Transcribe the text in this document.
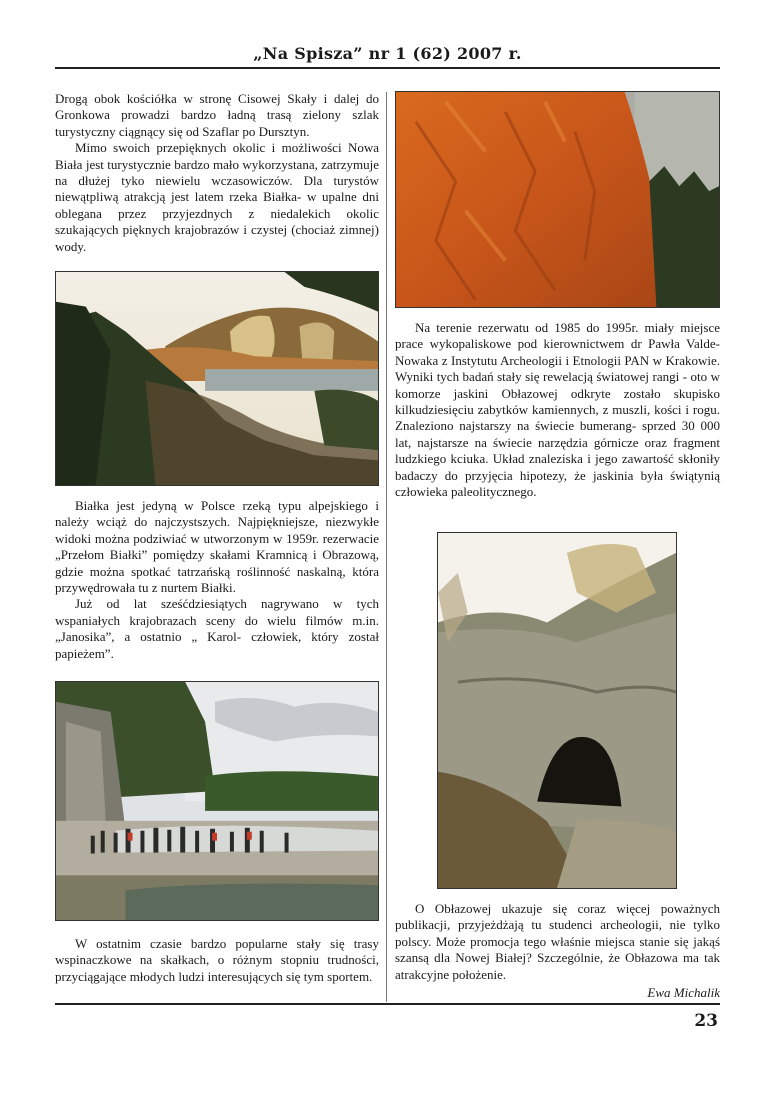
„Na Spisza” nr 1 (62) 2007 r.

Drogą obok kościółka w stronę Cisowej Skały i dalej do Gronkowa prowadzi bardzo ładną trasą zielony szlak turystyczny ciągnący się od Szaflar po Dursztyn.

Mimo swoich przepięknych okolic i możliwości Nowa Biała jest turystycznie bardzo mało wykorzystana, zatrzymuje na dłużej tyko niewielu wczasowiczów. Dla turystów niewątpliwą atrakcją jest latem rzeka Białka- w upalne dni oblegana przez przyjezdnych z niedalekich okolic szukających pięknych krajobrazów i czystej (chociaż zimnej) wody.

Białka jest jedyną w Polsce rzeką typu alpejskiego i należy wciąż do najczystszych. Najpiękniejsze, niezwykłe widoki można podziwiać w utworzonym w 1959r. rezerwacie „Przełom Białki” pomiędzy skałami Kramnicą i Obrazową, gdzie można spotkać tatrzańską roślinność naskalną, która przywędrowała tu z nurtem Białki.

Już od lat sześćdziesiątych nagrywano w tych wspaniałych krajobrazach sceny do wielu filmów m.in. „Janosika”, a ostatnio „ Karol- człowiek, który został papieżem”.

W ostatnim czasie bardzo popularne stały się trasy wspinaczkowe na skałkach, o różnym stopniu trudności, przyciągające młodych ludzi interesujących się tym sportem.

Na terenie rezerwatu od 1985 do 1995r. miały miejsce prace wykopaliskowe pod kierownictwem dr Pawła Valde-Nowaka z Instytutu Archeologii i Etnologii PAN w Krakowie. Wyniki tych badań stały się rewelacją światowej rangi - oto w komorze jaskini Obłazowej odkryte zostało skupisko kilkudziesięciu zabytków kamiennych, z muszli, kości i rogu. Znaleziono najstarszy na świecie bumerang- sprzed 30 000 lat, najstarsze na świecie narzędzia górnicze oraz fragment ludzkiego kciuka. Układ znaleziska i jego zawartość skłoniły badaczy do przyjęcia hipotezy, że jaskinia była świątynią człowieka paleolitycznego.

O Obłazowej ukazuje się coraz więcej poważnych publikacji, przyjeżdżają tu studenci archeologii, nie tylko polscy. Może promocja tego właśnie miejsca stanie się jakąś szansą dla Nowej Białej? Szczególnie, że Obłazowa ma tak atrakcyjne położenie.

Ewa Michalik
23
